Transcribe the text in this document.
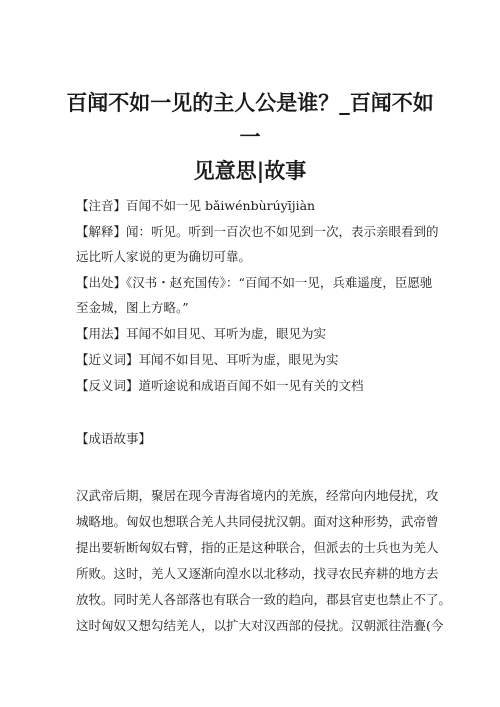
百闻不如一见的主人公是谁？_百闻不如一
见意思|故事
【注音】百闻不如一见 bǎiwénbùrúyījiàn
【解释】闻：听见。听到一百次也不如见到一次，表示亲眼看到的
远比听人家说的更为确切可靠。
【出处】《汉书・赵充国传》：“百闻不如一见，兵难遥度，臣愿驰
至金城，图上方略。”
【用法】耳闻不如目见、耳听为虚，眼见为实
【近义词】耳闻不如目见、耳听为虚，眼见为实
【反义词】道听途说和成语百闻不如一见有关的文档
【成语故事】
汉武帝后期，聚居在现今青海省境内的羌族，经常向内地侵扰，攻
城略地。匈奴也想联合羌人共同侵扰汉朝。面对这种形势，武帝曾
提出要斩断匈奴右臂，指的正是这种联合，但派去的士兵也为羌人
所败。这时，羌人又逐渐向湟水以北移动，找寻农民弃耕的地方去
放牧。同时羌人各部落也有联合一致的趋向，郡县官吏也禁止不了。
这时匈奴又想勾结羌人，以扩大对汉西部的侵扰。汉朝派往浩亹(今
